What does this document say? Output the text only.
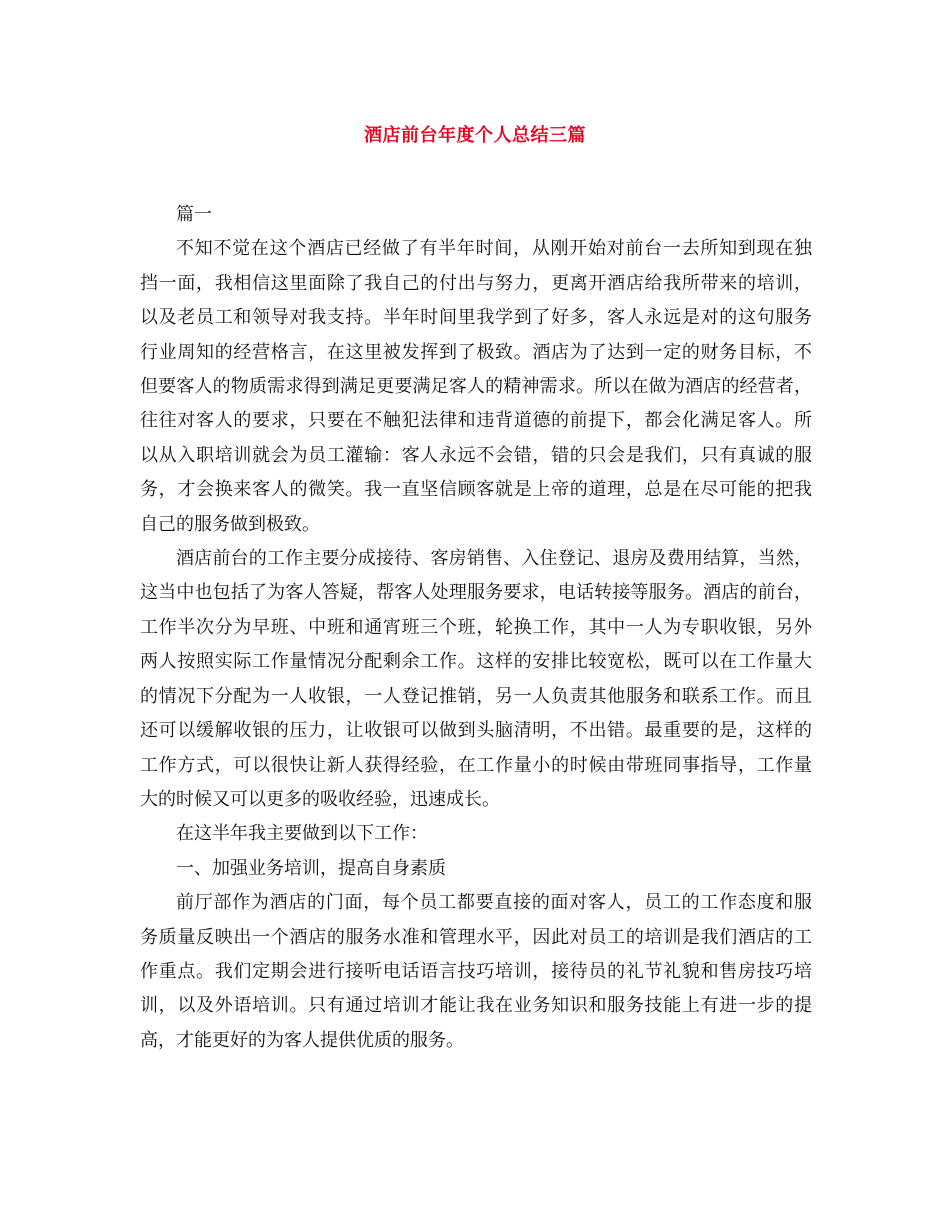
酒店前台年度个人总结三篇

篇一

不知不觉在这个酒店已经做了有半年时间，从刚开始对前台一去所知到现在独
挡一面，我相信这里面除了我自己的付出与努力，更离开酒店给我所带来的培训，
以及老员工和领导对我支持。半年时间里我学到了好多，客人永远是对的这句服务
行业周知的经营格言，在这里被发挥到了极致。酒店为了达到一定的财务目标，不
但要客人的物质需求得到满足更要满足客人的精神需求。所以在做为酒店的经营者，
往往对客人的要求，只要在不触犯法律和违背道德的前提下，都会化满足客人。所
以从入职培训就会为员工灌输：客人永远不会错，错的只会是我们，只有真诚的服
务，才会换来客人的微笑。我一直坚信顾客就是上帝的道理，总是在尽可能的把我
自己的服务做到极致。

酒店前台的工作主要分成接待、客房销售、入住登记、退房及费用结算，当然，
这当中也包括了为客人答疑，帮客人处理服务要求，电话转接等服务。酒店的前台，
工作半次分为早班、中班和通宵班三个班，轮换工作，其中一人为专职收银，另外
两人按照实际工作量情况分配剩余工作。这样的安排比较宽松，既可以在工作量大
的情况下分配为一人收银，一人登记推销，另一人负责其他服务和联系工作。而且
还可以缓解收银的压力，让收银可以做到头脑清明，不出错。最重要的是，这样的
工作方式，可以很快让新人获得经验，在工作量小的时候由带班同事指导，工作量
大的时候又可以更多的吸收经验，迅速成长。

在这半年我主要做到以下工作：

一、加强业务培训，提高自身素质

前厅部作为酒店的门面，每个员工都要直接的面对客人，员工的工作态度和服
务质量反映出一个酒店的服务水准和管理水平，因此对员工的培训是我们酒店的工
作重点。我们定期会进行接听电话语言技巧培训，接待员的礼节礼貌和售房技巧培
训，以及外语培训。只有通过培训才能让我在业务知识和服务技能上有进一步的提
高，才能更好的为客人提供优质的服务。
